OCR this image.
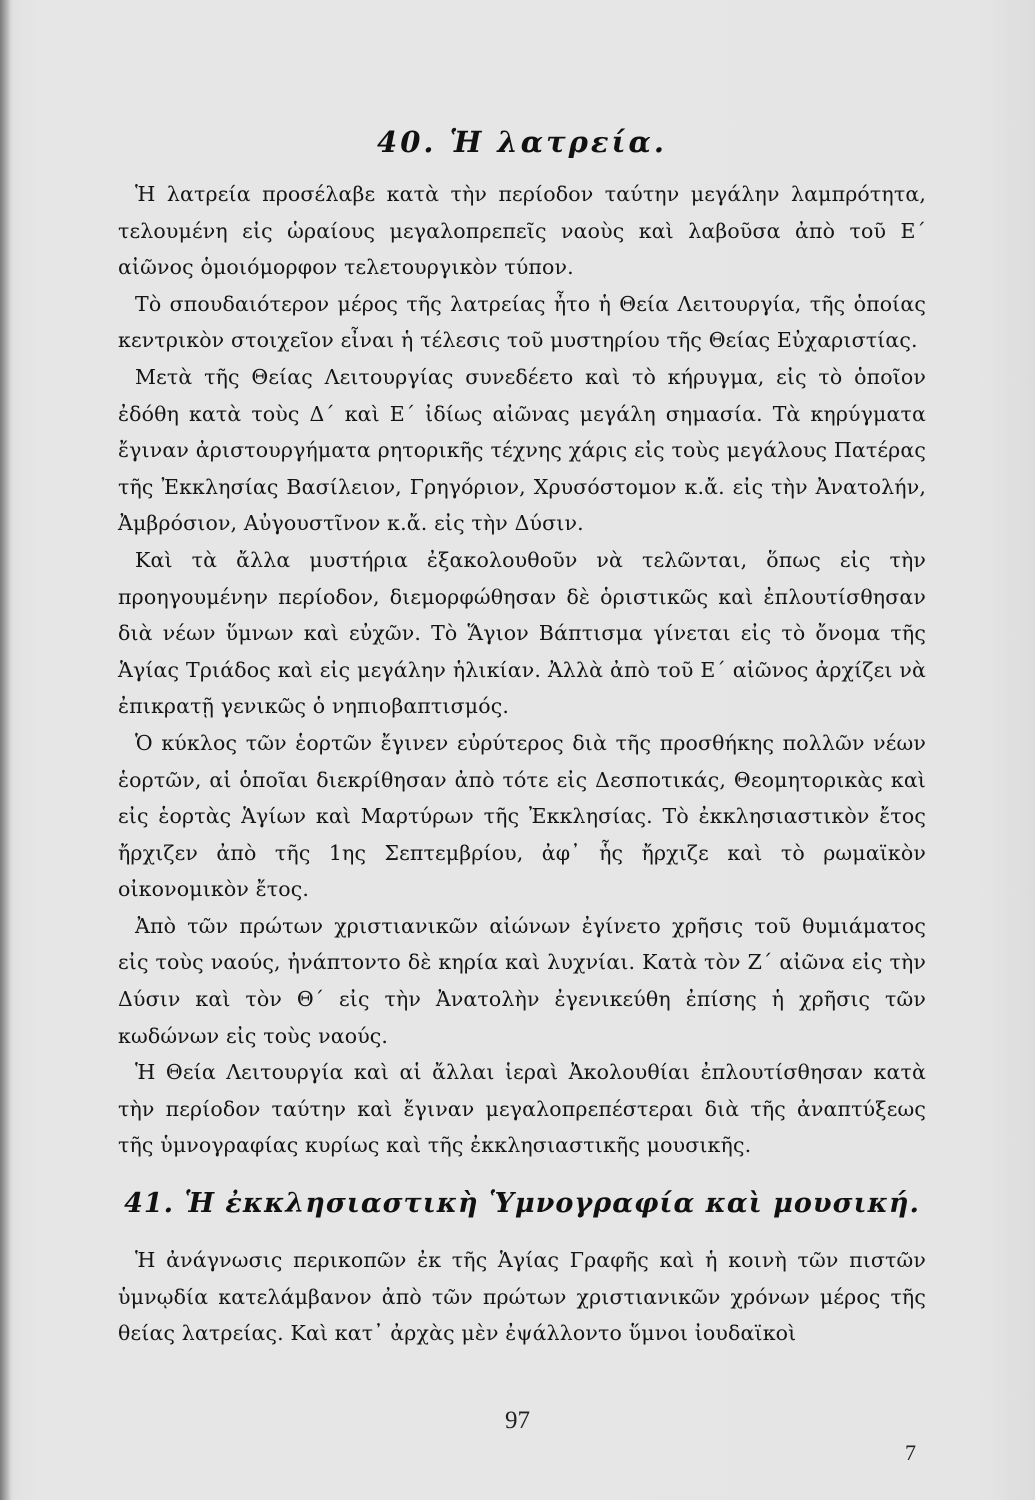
40. Ἡ λατρεία.

Ἡ λατρεία προσέλαβε κατὰ τὴν περίοδον ταύτην μεγάλην λαμπρότητα, τελουμένη εἰς ὡραίους μεγαλοπρεπεῖς ναοὺς καὶ λαβοῦσα ἀπὸ τοῦ Ε΄ αἰῶνος ὁμοιόμορφον τελετουργικὸν τύπον.

Τὸ σπουδαιότερον μέρος τῆς λατρείας ἦτο ἡ Θεία Λειτουργία, τῆς ὁποίας κεντρικὸν στοιχεῖον εἶναι ἡ τέλεσις τοῦ μυστηρίου τῆς Θείας Εὐχαριστίας.

Μετὰ τῆς Θείας Λειτουργίας συνεδέετο καὶ τὸ κήρυγμα, εἰς τὸ ὁποῖον ἐδόθη κατὰ τοὺς Δ΄ καὶ Ε΄ ἰδίως αἰῶνας μεγάλη σημασία. Τὰ κηρύγματα ἔγιναν ἀριστουργήματα ρητορικῆς τέχνης χάρις εἰς τοὺς μεγάλους Πατέρας τῆς Ἐκκλησίας Βασίλειον, Γρηγόριον, Χρυσόστομον κ.ἄ. εἰς τὴν Ἀνατολήν, Ἀμβρόσιον, Αὐγουστῖνον κ.ἄ. εἰς τὴν Δύσιν.

Καὶ τὰ ἄλλα μυστήρια ἐξακολουθοῦν νὰ τελῶνται, ὅπως εἰς τὴν προηγουμένην περίοδον, διεμορφώθησαν δὲ ὁριστικῶς καὶ ἐπλουτίσθησαν διὰ νέων ὕμνων καὶ εὐχῶν. Τὸ Ἅγιον Βάπτισμα γίνεται εἰς τὸ ὄνομα τῆς Ἁγίας Τριάδος καὶ εἰς μεγάλην ἡλικίαν. Ἀλλὰ ἀπὸ τοῦ Ε΄ αἰῶνος ἀρχίζει νὰ ἐπικρατῇ γενικῶς ὁ νηπιοβαπτισμός.

Ὁ κύκλος τῶν ἑορτῶν ἔγινεν εὐρύτερος διὰ τῆς προσθήκης πολλῶν νέων ἑορτῶν, αἱ ὁποῖαι διεκρίθησαν ἀπὸ τότε εἰς Δεσποτικάς, Θεομητορικὰς καὶ εἰς ἑορτὰς Ἁγίων καὶ Μαρτύρων τῆς Ἐκκλησίας. Τὸ ἐκκλησιαστικὸν ἔτος ἤρχιζεν ἀπὸ τῆς 1ης Σεπτεμβρίου, ἀφ᾽ ἧς ἤρχιζε καὶ τὸ ρωμαϊκὸν οἰκονομικὸν ἔτος.

Ἀπὸ τῶν πρώτων χριστιανικῶν αἰώνων ἐγίνετο χρῆσις τοῦ θυμιάματος εἰς τοὺς ναούς, ἠνάπτοντο δὲ κηρία καὶ λυχνίαι. Κατὰ τὸν Ζ΄ αἰῶνα εἰς τὴν Δύσιν καὶ τὸν Θ΄ εἰς τὴν Ἀνατολὴν ἐγενικεύθη ἐπίσης ἡ χρῆσις τῶν κωδώνων εἰς τοὺς ναούς.

Ἡ Θεία Λειτουργία καὶ αἱ ἄλλαι ἱεραὶ Ἀκολουθίαι ἐπλουτίσθησαν κατὰ τὴν περίοδον ταύτην καὶ ἔγιναν μεγαλοπρεπέστεραι διὰ τῆς ἀναπτύξεως τῆς ὑμνογραφίας κυρίως καὶ τῆς ἐκκλησιαστικῆς μουσικῆς.

41. Ἡ ἐκκλησιαστικὴ Ὑμνογραφία καὶ μουσική.

Ἡ ἀνάγνωσις περικοπῶν ἐκ τῆς Ἁγίας Γραφῆς καὶ ἡ κοινὴ τῶν πιστῶν ὑμνῳδία κατελάμβανον ἀπὸ τῶν πρώτων χριστιανικῶν χρόνων μέρος τῆς θείας λατρείας. Καὶ κατ᾽ ἀρχὰς μὲν ἐψάλλοντο ὕμνοι ἰουδαϊκοὶ

97
7
